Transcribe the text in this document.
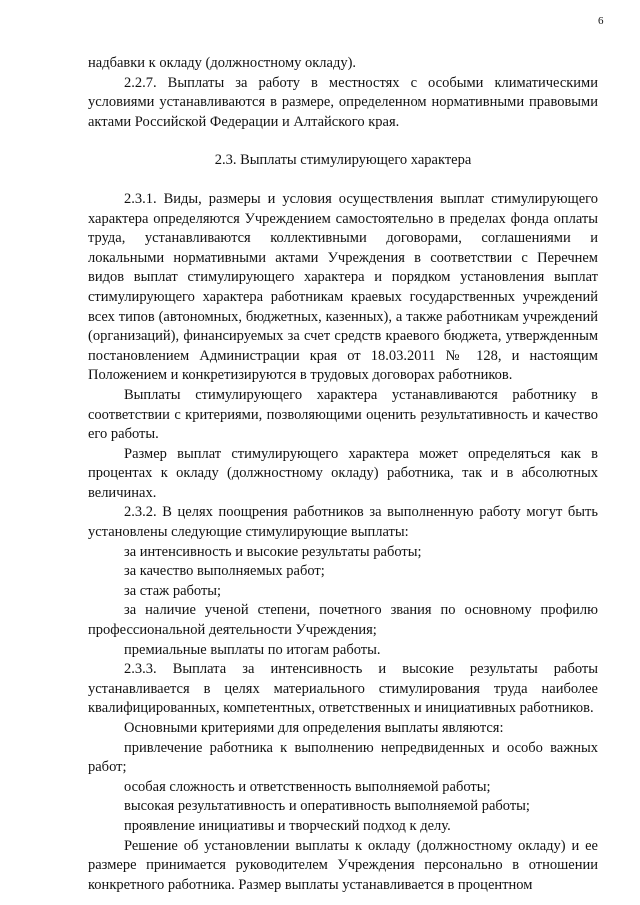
6

надбавки к окладу (должностному окладу).

2.2.7. Выплаты за работу в местностях с особыми климатическими условиями устанавливаются в размере, определенном нормативными правовыми актами Российской Федерации и Алтайского края.

2.3. Выплаты стимулирующего характера

2.3.1. Виды, размеры и условия осуществления выплат стимулирующего характера определяются Учреждением самостоятельно в пределах фонда оплаты труда, устанавливаются коллективными договорами, соглашениями и локальными нормативными актами Учреждения в соответствии с Перечнем видов выплат стимулирующего характера и порядком установления выплат стимулирующего характера работникам краевых государственных учреждений всех типов (автономных, бюджетных, казенных), а также работникам учреждений (организаций), финансируемых за счет средств краевого бюджета, утвержденным постановлением Администрации края от 18.03.2011 № 128, и настоящим Положением и конкретизируются в трудовых договорах работников.

Выплаты стимулирующего характера устанавливаются работнику в соответствии с критериями, позволяющими оценить результативность и качество его работы.

Размер выплат стимулирующего характера может определяться как в процентах к окладу (должностному окладу) работника, так и в абсолютных величинах.

2.3.2. В целях поощрения работников за выполненную работу могут быть установлены следующие стимулирующие выплаты:

за интенсивность и высокие результаты работы;

за качество выполняемых работ;

за стаж работы;

за наличие ученой степени, почетного звания по основному профилю профессиональной деятельности Учреждения;

премиальные выплаты по итогам работы.

2.3.3. Выплата за интенсивность и высокие результаты работы устанавливается в целях материального стимулирования труда наиболее квалифицированных, компетентных, ответственных и инициативных работников.

Основными критериями для определения выплаты являются:

привлечение работника к выполнению непредвиденных и особо важных работ;

особая сложность и ответственность выполняемой работы;

высокая результативность и оперативность выполняемой работы;

проявление инициативы и творческий подход к делу.

Решение об установлении выплаты к окладу (должностному окладу) и ее размере принимается руководителем Учреждения персонально в отношении конкретного работника. Размер выплаты устанавливается в процентном
